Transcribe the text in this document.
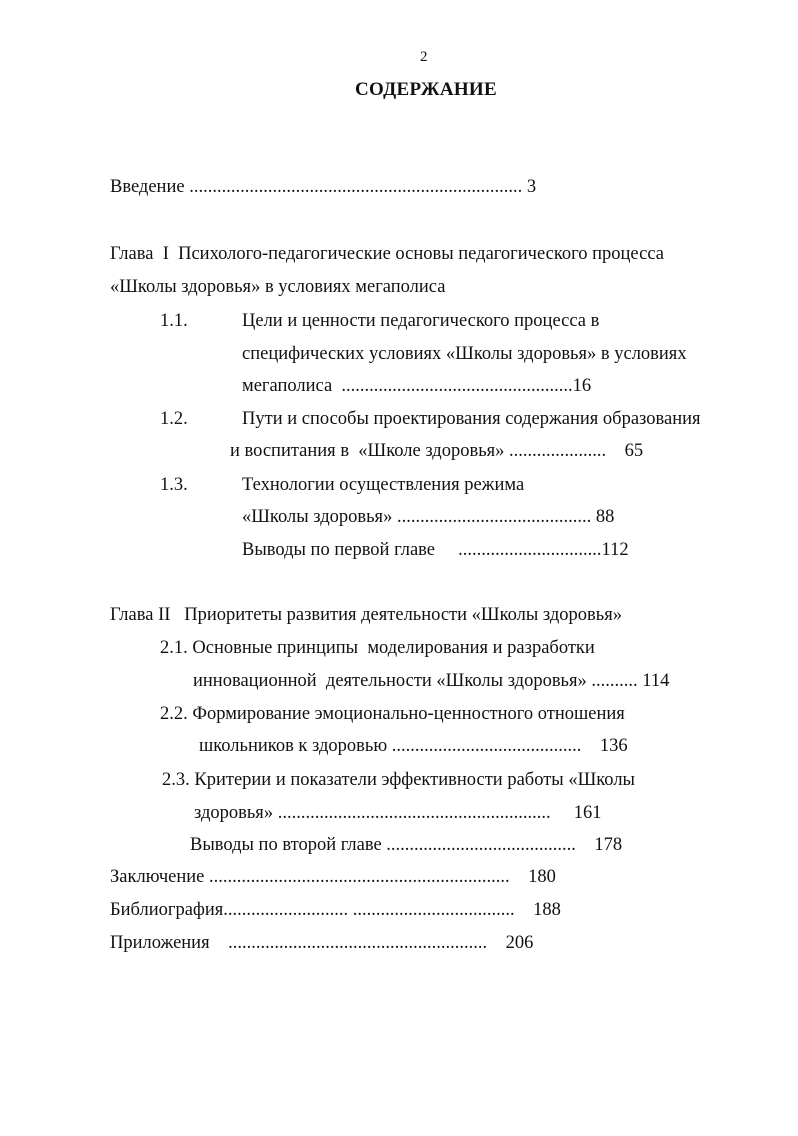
2
СОДЕРЖАНИЕ
Введение ........................................................................ 3
Глава  I  Психолого-педагогические основы педагогического процесса
«Школы здоровья» в условиях мегаполиса
1.1.	Цели и ценности педагогического процесса в
специфических условиях «Школы здоровья» в условиях
мегаполиса  ..................................................16
1.2.	Пути и способы проектирования содержания образования
и воспитания в  «Школе здоровья» .....................    65
1.3.	Технологии осуществления режима
«Школы здоровья» .......................................... 88
Выводы по первой главе     ...............................112
Глава II   Приоритеты развития деятельности «Школы здоровья»
2.1. Основные принципы  моделирования и разработки
инновационной  деятельности «Школы здоровья» .......... 114
2.2. Формирование эмоционально-ценностного отношения
школьников к здоровью .........................................    136
2.3. Критерии и показатели эффективности работы «Школы
здоровья» ...........................................................     161
Выводы по второй главе .........................................    178
Заключение .................................................................    180
Библиография........................... ...................................    188
Приложения    ........................................................    206
